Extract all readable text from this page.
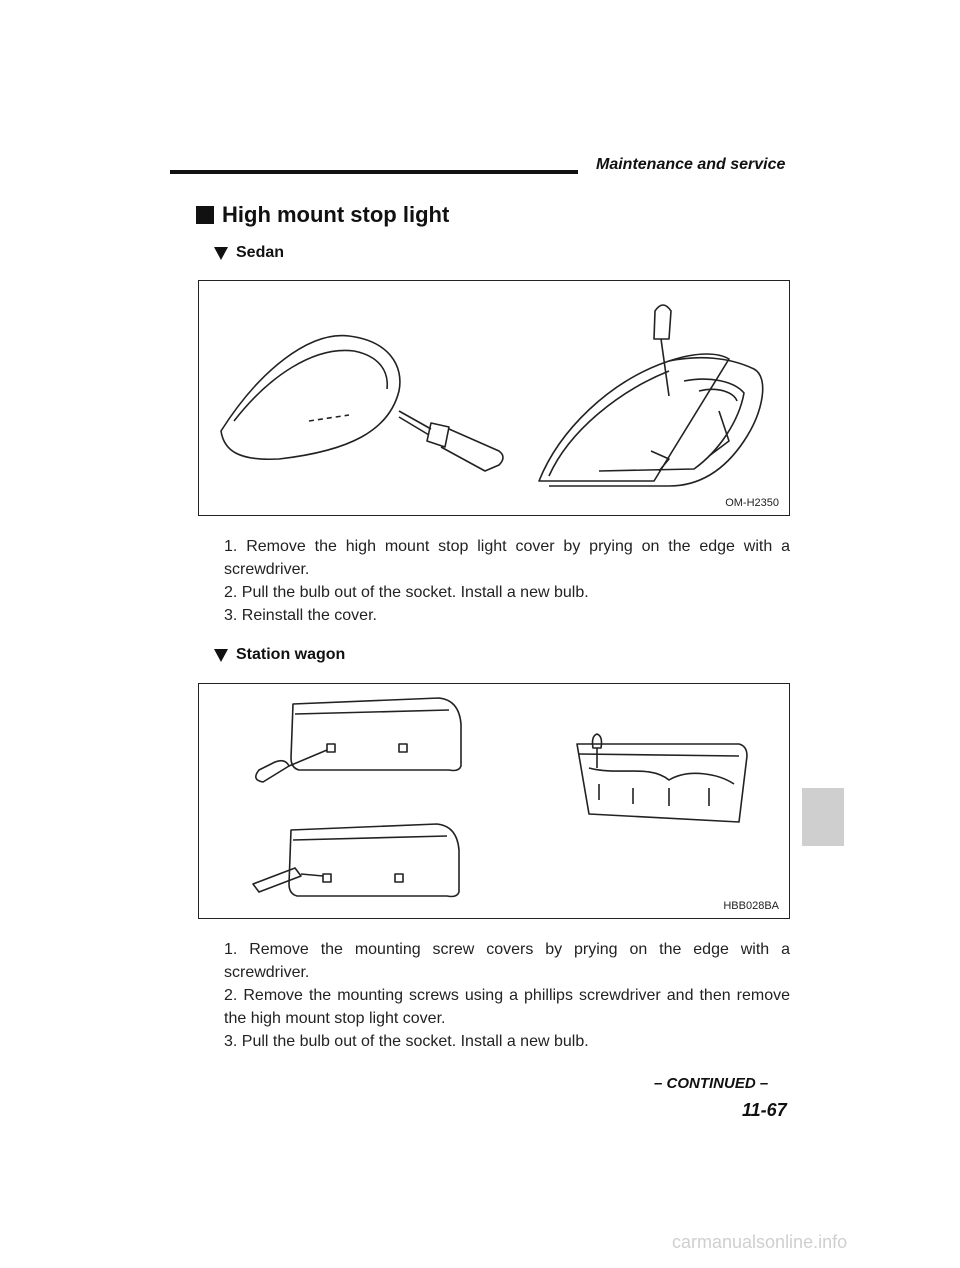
Maintenance and service
High mount stop light
Sedan
OM-H2350

1. Remove the high mount stop light cover by prying on the edge with a screwdriver.

2. Pull the bulb out of the socket. Install a new bulb.

3. Reinstall the cover.

Station wagon
HBB028BA

1. Remove the mounting screw covers by prying on the edge with a screwdriver.

2. Remove the mounting screws using a phillips screwdriver and then remove the high mount stop light cover.

3. Pull the bulb out of the socket. Install a new bulb.

– CONTINUED –
11-67
carmanualsonline.info
